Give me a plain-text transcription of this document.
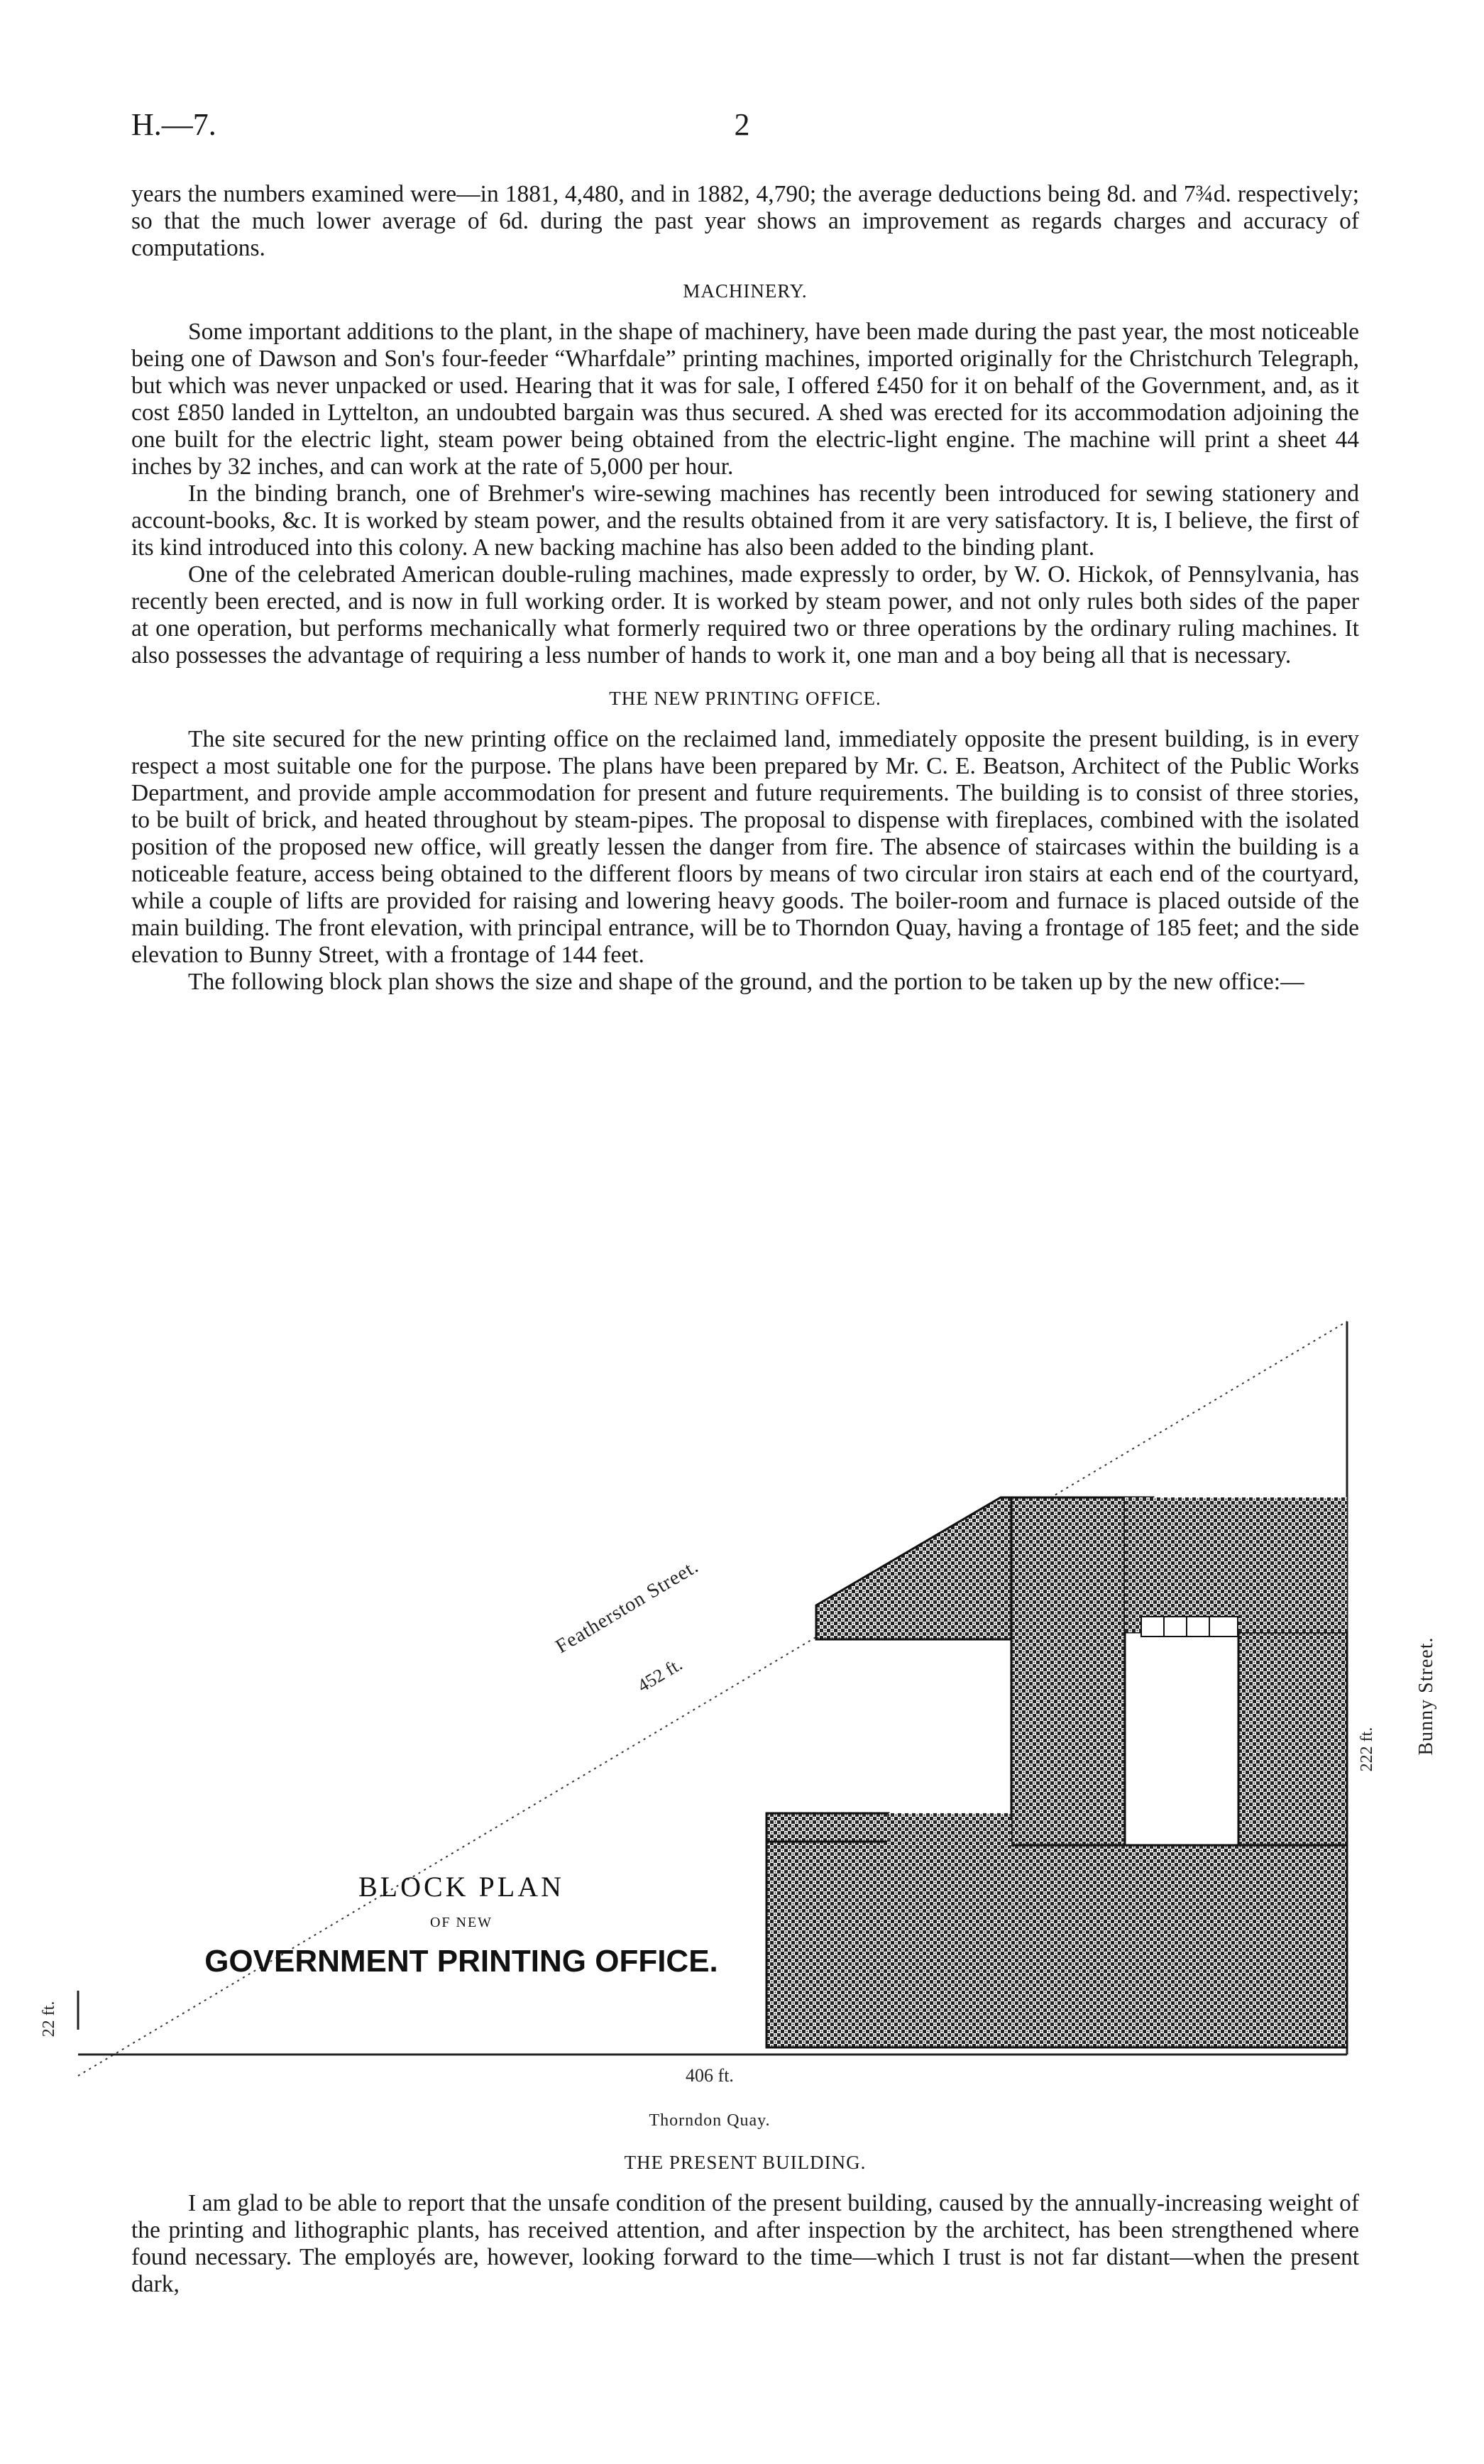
H.—7.	2

years the numbers examined were—in 1881, 4,480, and in 1882, 4,790; the average deductions being 8d. and 7¾d. respectively; so that the much lower average of 6d. during the past year shows an improvement as regards charges and accuracy of computations.

MACHINERY.

Some important additions to the plant, in the shape of machinery, have been made during the past year, the most noticeable being one of Dawson and Son's four-feeder “Wharfdale” printing machines, imported originally for the Christchurch Telegraph, but which was never unpacked or used. Hearing that it was for sale, I offered £450 for it on behalf of the Government, and, as it cost £850 landed in Lyttelton, an undoubted bargain was thus secured. A shed was erected for its accommodation adjoining the one built for the electric light, steam power being obtained from the electric-light engine. The machine will print a sheet 44 inches by 32 inches, and can work at the rate of 5,000 per hour.

In the binding branch, one of Brehmer's wire-sewing machines has recently been introduced for sewing stationery and account-books, &c. It is worked by steam power, and the results obtained from it are very satisfactory. It is, I believe, the first of its kind introduced into this colony. A new backing machine has also been added to the binding plant.

One of the celebrated American double-ruling machines, made expressly to order, by W. O. Hickok, of Pennsylvania, has recently been erected, and is now in full working order. It is worked by steam power, and not only rules both sides of the paper at one operation, but performs mechanically what formerly required two or three operations by the ordinary ruling machines. It also possesses the advantage of requiring a less number of hands to work it, one man and a boy being all that is necessary.

THE NEW PRINTING OFFICE.

The site secured for the new printing office on the reclaimed land, immediately opposite the present building, is in every respect a most suitable one for the purpose. The plans have been prepared by Mr. C. E. Beatson, Architect of the Public Works Department, and provide ample accommodation for present and future requirements. The building is to consist of three stories, to be built of brick, and heated throughout by steam-pipes. The proposal to dispense with fireplaces, combined with the isolated position of the proposed new office, will greatly lessen the danger from fire. The absence of staircases within the building is a noticeable feature, access being obtained to the different floors by means of two circular iron stairs at each end of the courtyard, while a couple of lifts are provided for raising and lowering heavy goods. The boiler-room and furnace is placed outside of the main building. The front elevation, with principal entrance, will be to Thorndon Quay, having a frontage of 185 feet; and the side elevation to Bunny Street, with a frontage of 144 feet.

The following block plan shows the size and shape of the ground, and the portion to be taken up by the new office:—

Featherston Street.
452 ft.
222 ft. Bunny Street.
22 ft.
406 ft.
Thorndon Quay.
BLOCK PLAN
OF NEW
GOVERNMENT PRINTING OFFICE.
THE PRESENT BUILDING.

I am glad to be able to report that the unsafe condition of the present building, caused by the annually-increasing weight of the printing and lithographic plants, has received attention, and after inspection by the architect, has been strengthened where found necessary. The employés are, however, looking forward to the time—which I trust is not far distant—when the present dark,
